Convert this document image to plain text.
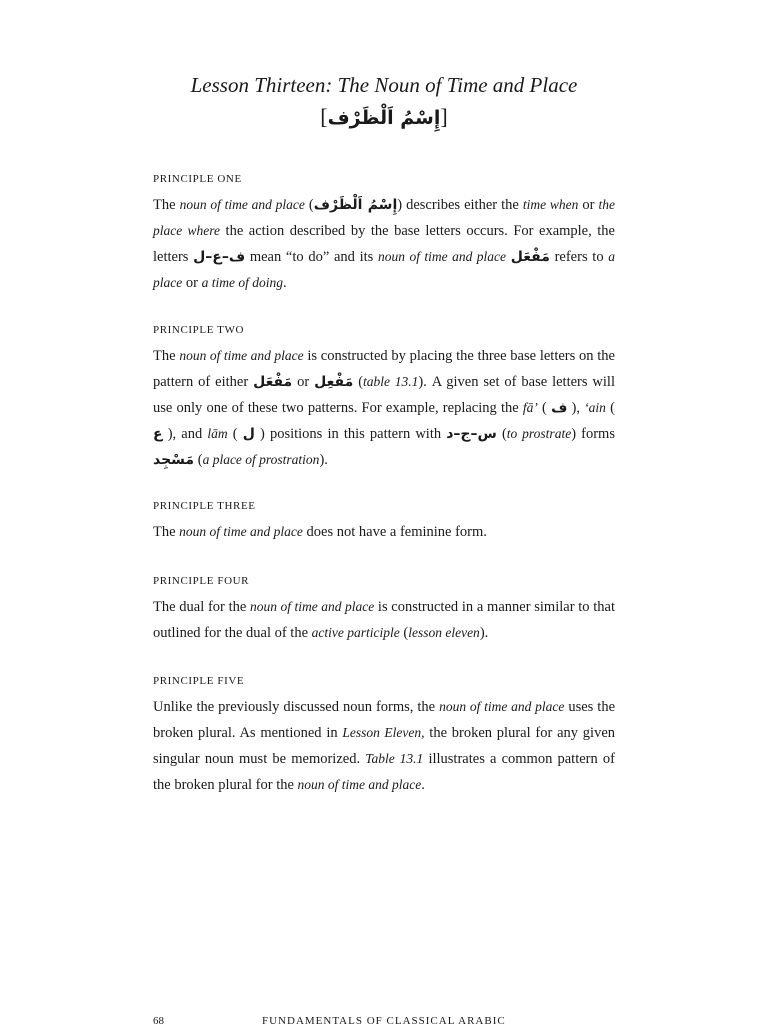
Lesson Thirteen: The Noun of Time and Place
[إِسْمُ اَلْظَرْف]
PRINCIPLE ONE

The noun of time and place (إِسْمُ اَلْظَرْف) describes either the time when or the place where the action described by the base letters occurs. For example, the letters ف–ع–ل mean “to do” and its noun of time and place مَفْعَل refers to a place or a time of doing.

PRINCIPLE TWO

The noun of time and place is constructed by placing the three base letters on the pattern of either مَفْعَل or مَفْعِل (table 13.1). A given set of base letters will use only one of these two patterns. For example, replacing the fā’ ( ف ), ‘ain ( ع ), and lām ( ل ) positions in this pattern with س–ج–د (to prostrate) forms مَسْجِد (a place of prostration).

PRINCIPLE THREE

The noun of time and place does not have a feminine form.

PRINCIPLE FOUR

The dual for the noun of time and place is constructed in a manner similar to that outlined for the dual of the active participle (lesson eleven).

PRINCIPLE FIVE

Unlike the previously discussed noun forms, the noun of time and place uses the broken plural. As mentioned in Lesson Eleven, the broken plural for any given singular noun must be memorized. Table 13.1 illustrates a common pattern of the broken plural for the noun of time and place.

68	FUNDAMENTALS OF CLASSICAL ARABIC
